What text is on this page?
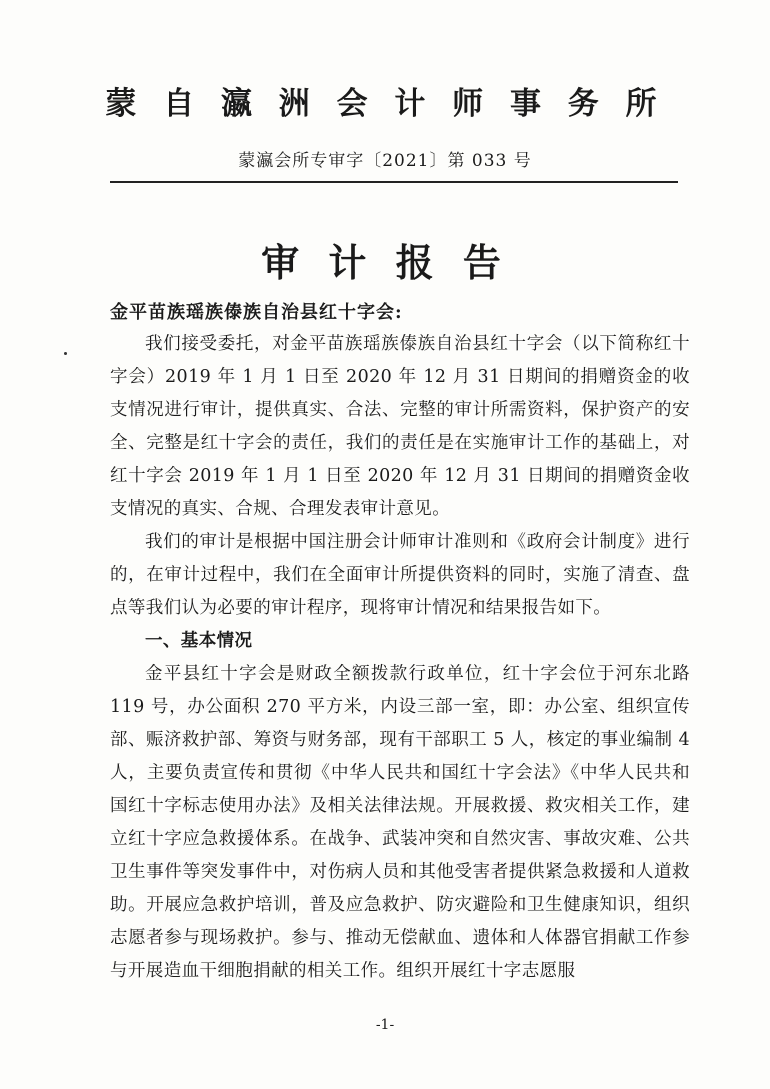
蒙 自 瀛 洲 会 计 师 事 务 所
蒙瀛会所专审字〔2021〕第 033 号
审 计 报 告
金平苗族瑶族傣族自治县红十字会:

我们接受委托，对金平苗族瑶族傣族自治县红十字会（以下简称红十字会）2019 年 1 月 1 日至 2020 年 12 月 31 日期间的捐赠资金的收支情况进行审计，提供真实、合法、完整的审计所需资料，保护资产的安全、完整是红十字会的责任，我们的责任是在实施审计工作的基础上，对红十字会 2019 年 1 月 1 日至 2020 年 12 月 31 日期间的捐赠资金收支情况的真实、合规、合理发表审计意见。

我们的审计是根据中国注册会计师审计准则和《政府会计制度》进行的，在审计过程中，我们在全面审计所提供资料的同时，实施了清查、盘点等我们认为必要的审计程序，现将审计情况和结果报告如下。

一、基本情况

金平县红十字会是财政全额拨款行政单位，红十字会位于河东北路 119 号，办公面积 270 平方米，内设三部一室，即：办公室、组织宣传部、赈济救护部、筹资与财务部，现有干部职工 5 人，核定的事业编制 4 人，主要负责宣传和贯彻《中华人民共和国红十字会法》《中华人民共和国红十字标志使用办法》及相关法律法规。开展救援、救灾相关工作，建立红十字应急救援体系。在战争、武装冲突和自然灾害、事故灾难、公共卫生事件等突发事件中，对伤病人员和其他受害者提供紧急救援和人道救助。开展应急救护培训，普及应急救护、防灾避险和卫生健康知识，组织志愿者参与现场救护。参与、推动无偿献血、遗体和人体器官捐献工作参与开展造血干细胞捐献的相关工作。组织开展红十字志愿服

-1-
